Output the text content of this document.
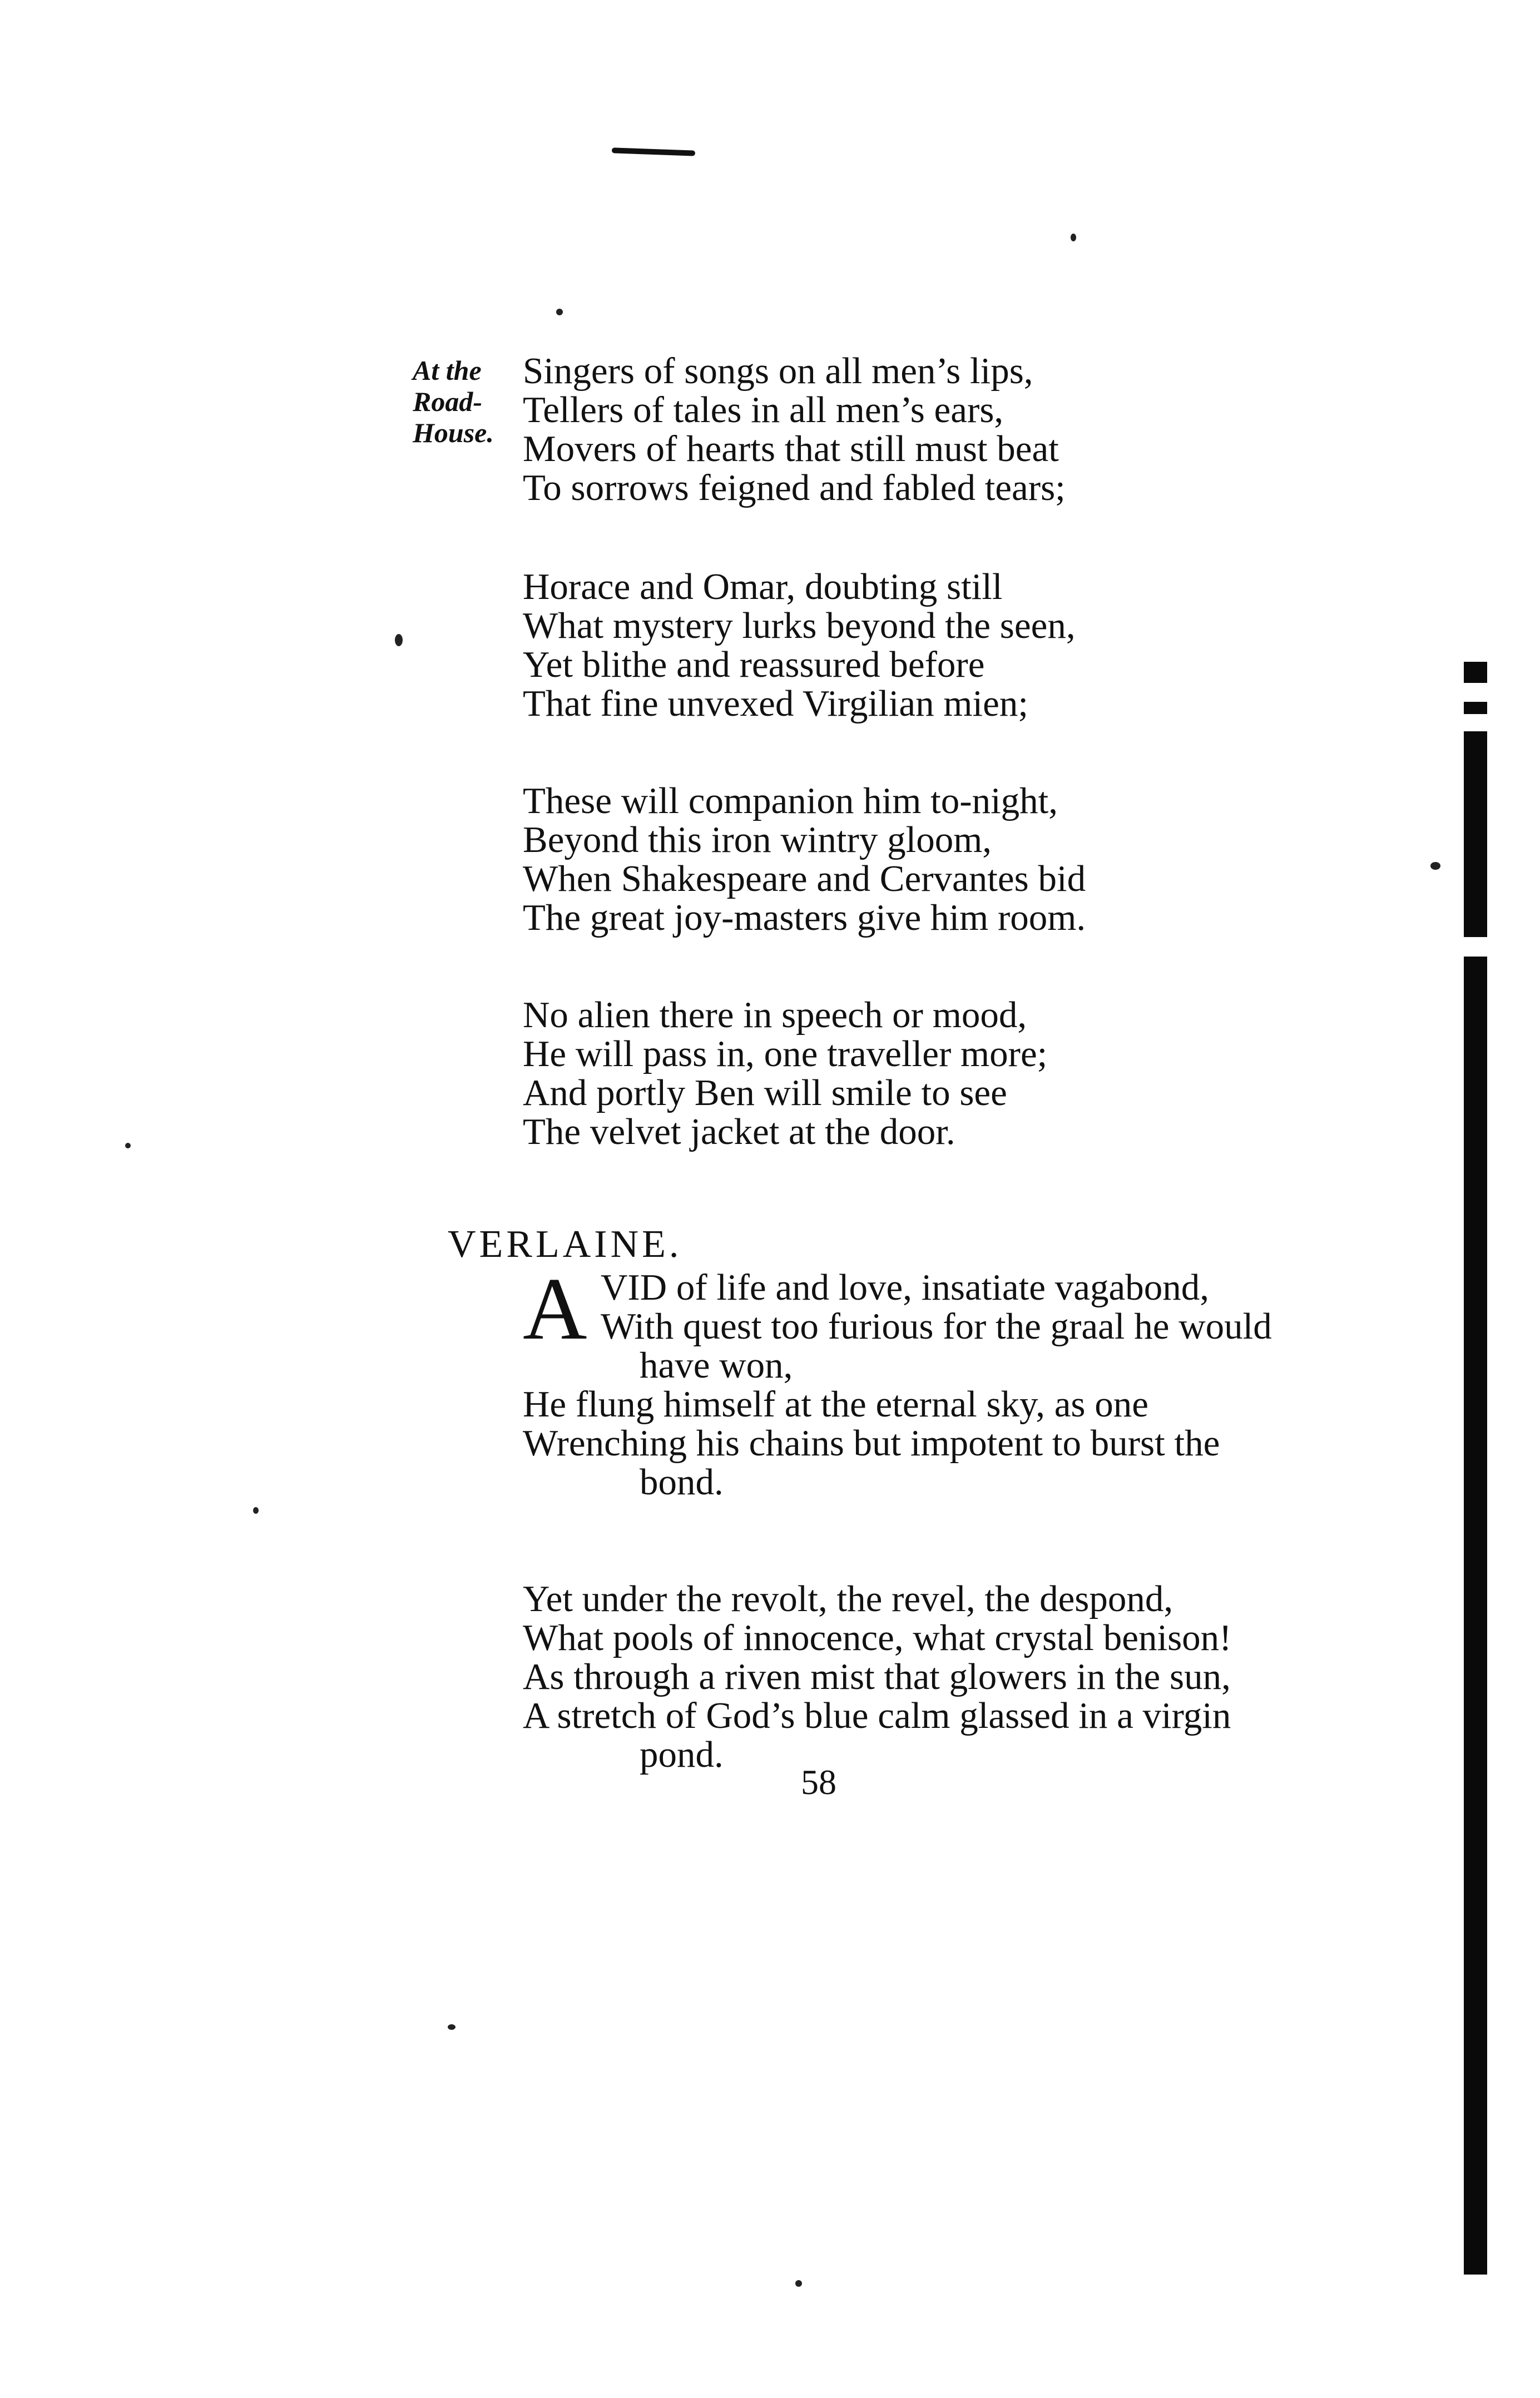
At the
Road-
House.
Singers of songs on all men’s lips,
Tellers of tales in all men’s ears,
Movers of hearts that still must beat
To sorrows feigned and fabled tears;
Horace and Omar, doubting still
What mystery lurks beyond the seen,
Yet blithe and reassured before
That fine unvexed Virgilian mien;
These will companion him to-night,
Beyond this iron wintry gloom,
When Shakespeare and Cervantes bid
The great joy-masters give him room.
No alien there in speech or mood,
He will pass in, one traveller more;
And portly Ben will smile to see
The velvet jacket at the door.
VERLAINE.
A VID of life and love, insatiate vagabond,
With quest too furious for the graal he would
have won,
He flung himself at the eternal sky, as one
Wrenching his chains but impotent to burst the
bond.
Yet under the revolt, the revel, the despond,
What pools of innocence, what crystal benison!
As through a riven mist that glowers in the sun,
A stretch of God’s blue calm glassed in a virgin
pond.
58
